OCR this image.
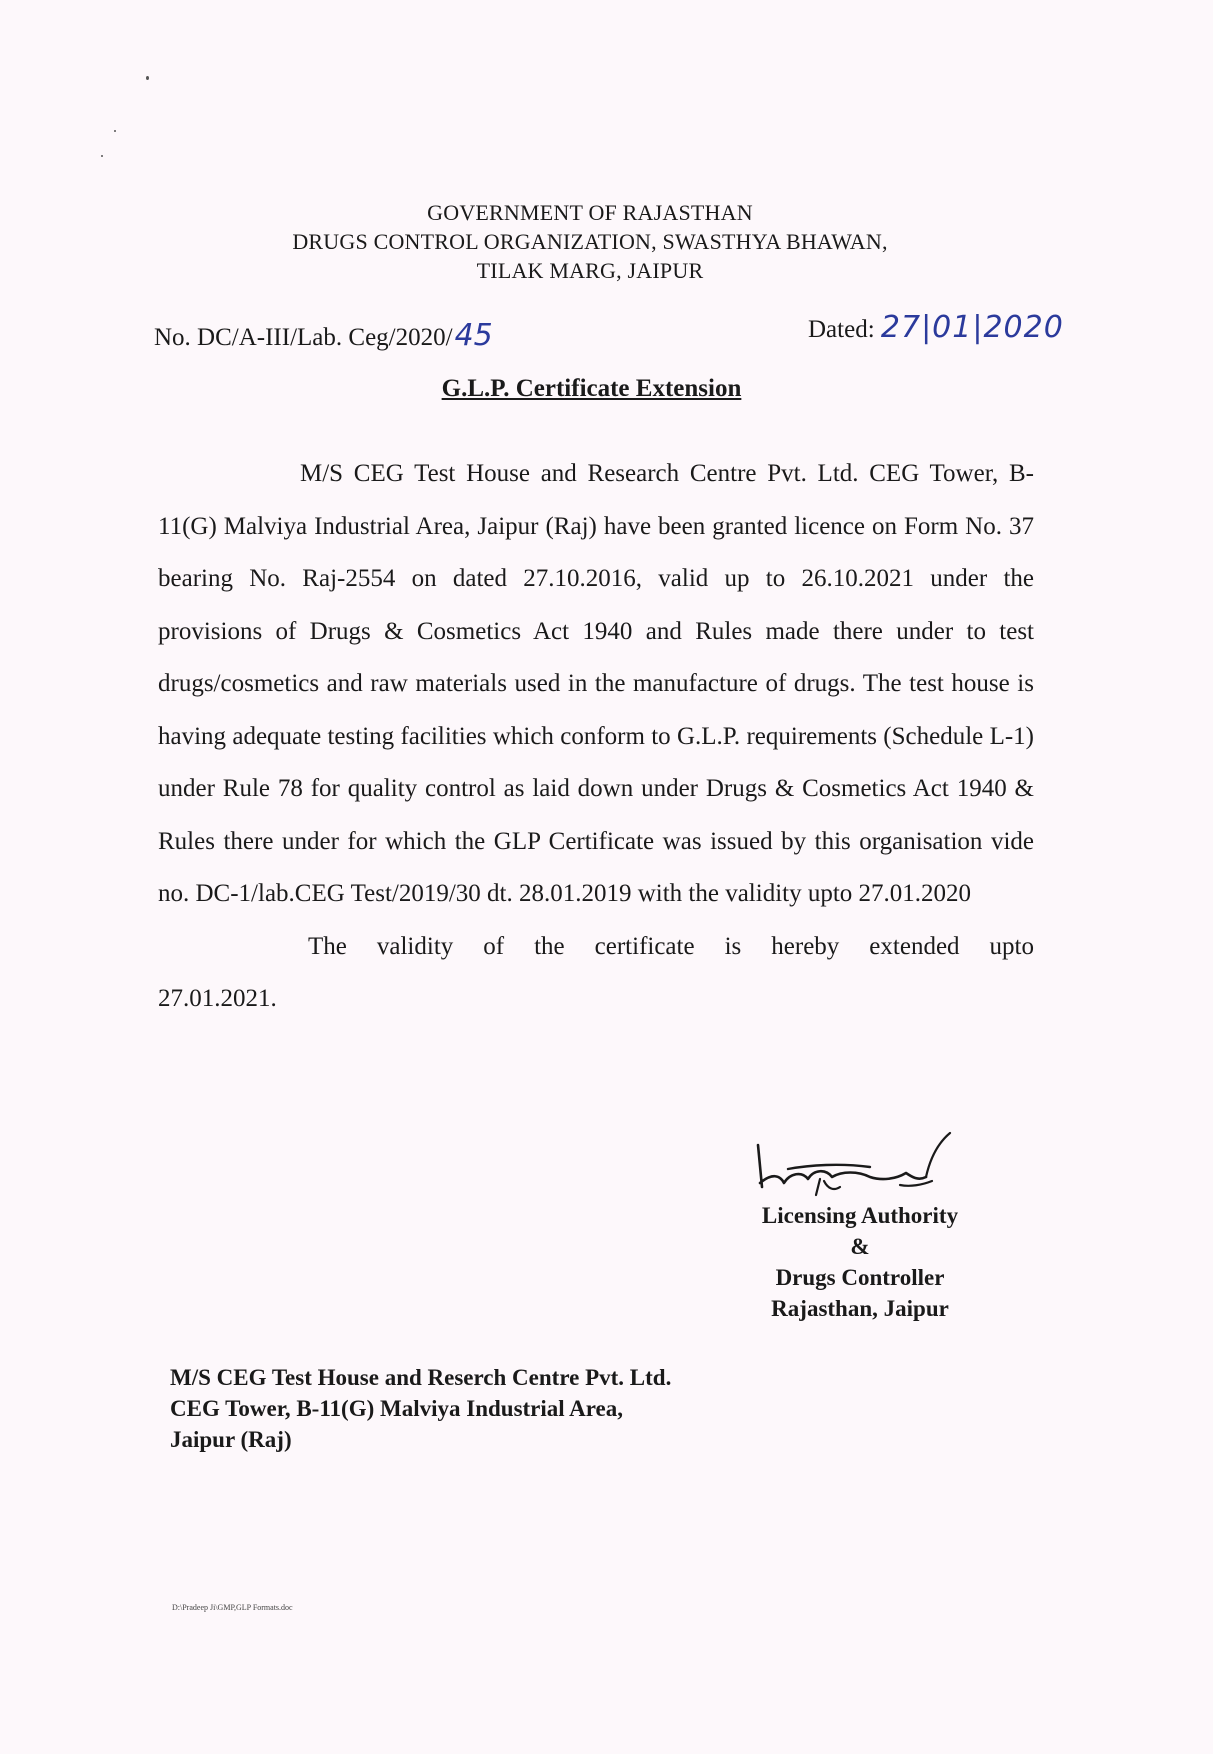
GOVERNMENT OF RAJASTHAN
DRUGS CONTROL ORGANIZATION, SWASTHYA BHAWAN,
TILAK MARG, JAIPUR
No. DC/A-III/Lab. Ceg/2020/45	Dated: 27|01|2020
G.L.P. Certificate Extension

M/S CEG Test House and Research Centre Pvt. Ltd. CEG Tower, B-11(G) Malviya Industrial Area, Jaipur (Raj) have been granted licence on Form No. 37 bearing No. Raj-2554 on dated 27.10.2016, valid up to 26.10.2021 under the provisions of Drugs & Cosmetics Act 1940 and Rules made there under to test drugs/cosmetics and raw materials used in the manufacture of drugs. The test house is having adequate testing facilities which conform to G.L.P. requirements (Schedule L-1) under Rule 78 for quality control as laid down under Drugs & Cosmetics Act 1940 & Rules there under for which the GLP Certificate was issued by this organisation vide no. DC-1/lab.CEG Test/2019/30 dt. 28.01.2019 with the validity upto 27.01.2020

The validity of the certificate is hereby extended upto 27.01.2021.

Licensing Authority
&
Drugs Controller
Rajasthan, Jaipur
M/S CEG Test House and Reserch Centre Pvt. Ltd.
CEG Tower, B-11(G) Malviya Industrial Area,
Jaipur (Raj)
D:\Pradeep Ji\GMP,GLP Formats.doc
